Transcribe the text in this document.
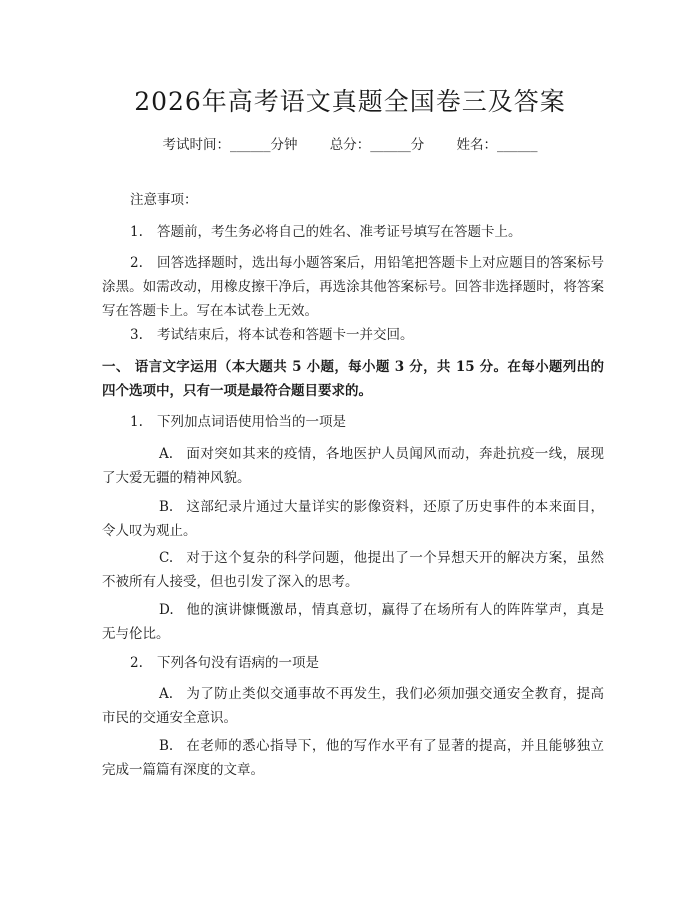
2026年高考语文真题全国卷三及答案
考试时间：______分钟 总分：______分 姓名：______
注意事项：
1. 答题前，考生务必将自己的姓名、准考证号填写在答题卡上。
2. 回答选择题时，选出每小题答案后，用铅笔把答题卡上对应题目的答案标号涂黑。如需改动，用橡皮擦干净后，再选涂其他答案标号。回答非选择题时，将答案写在答题卡上。写在本试卷上无效。
3. 考试结束后，将本试卷和答题卡一并交回。
一、 语言文字运用（本大题共 5 小题，每小题 3 分，共 15 分。在每小题列出的四个选项中，只有一项是最符合题目要求的。
1. 下列加点词语使用恰当的一项是
A. 面对突如其来的疫情，各地医护人员闻风而动，奔赴抗疫一线，展现了大爱无疆的精神风貌。
B. 这部纪录片通过大量详实的影像资料，还原了历史事件的本来面目，令人叹为观止。
C. 对于这个复杂的科学问题，他提出了一个异想天开的解决方案，虽然不被所有人接受，但也引发了深入的思考。
D. 他的演讲慷慨激昂，情真意切，赢得了在场所有人的阵阵掌声，真是无与伦比。
2. 下列各句没有语病的一项是
A. 为了防止类似交通事故不再发生，我们必须加强交通安全教育，提高市民的交通安全意识。
B. 在老师的悉心指导下，他的写作水平有了显著的提高，并且能够独立完成一篇篇有深度的文章。
